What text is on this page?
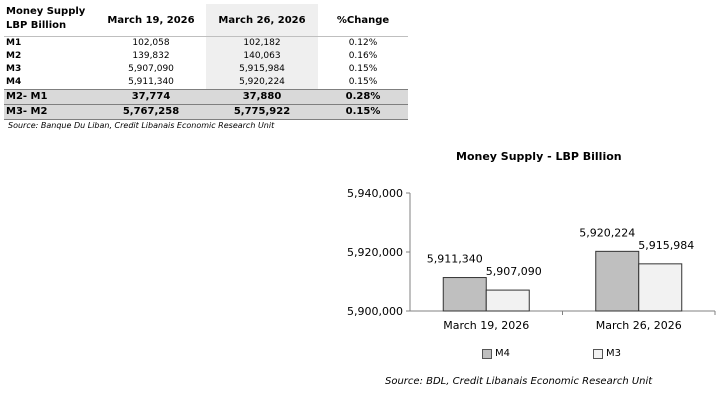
Money Supply
LBP Billion	March 19, 2026	March 26, 2026	%Change
M1	102,058	102,182	0.12%
M2	139,832	140,063	0.16%
M3	5,907,090	5,915,984	0.15%
M4	5,911,340	5,920,224	0.15%
M2- M1	37,774	37,880	0.28%
M3- M2	5,767,258	5,775,922	0.15%
Source: Banque Du Liban, Credit Libanais Economic Research Unit
Money Supply - LBP Billion
5,900,000
5,920,000
5,940,000
March 19, 2026
5,911,340
5,907,090
March 26, 2026
5,920,224
5,915,984
M4	M3
Source: BDL, Credit Libanais Economic Research Unit
